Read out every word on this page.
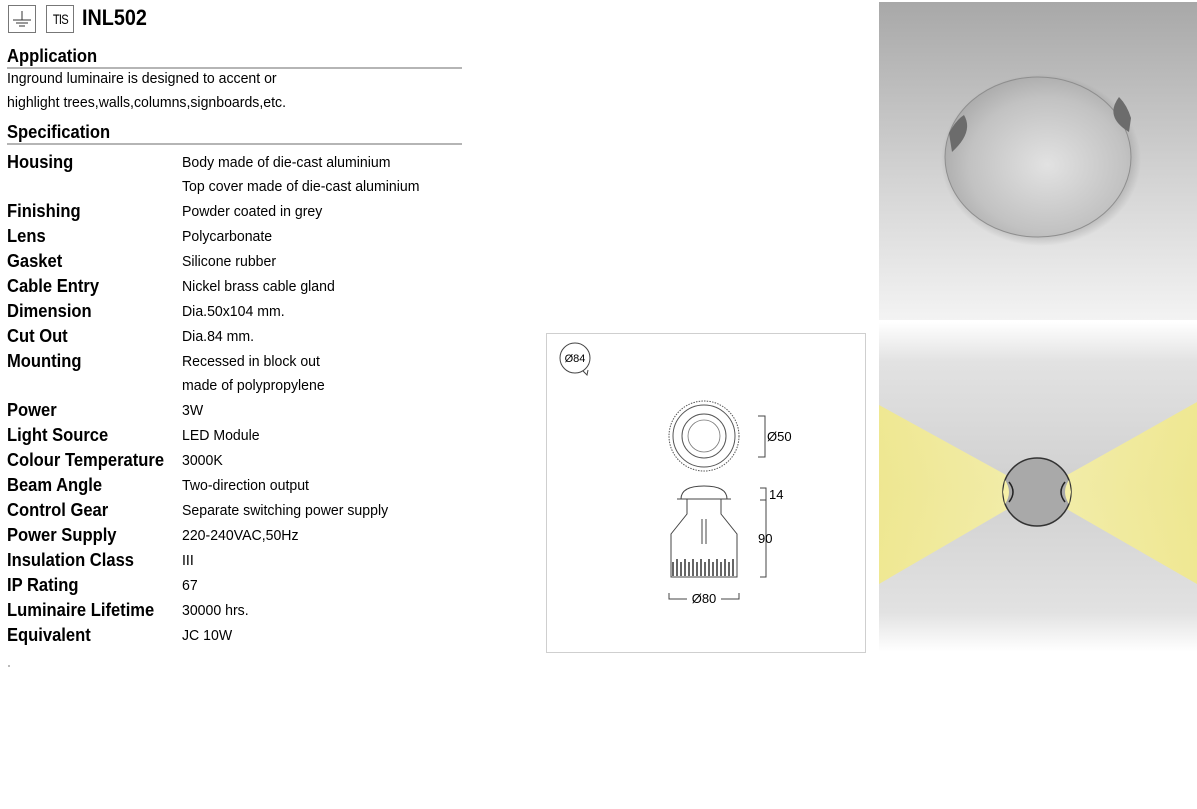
TIS INL502
Application
Inground luminaire is designed to accent or
highlight trees,walls,columns,signboards,etc.
Specification
Housing	Body made of die-cast aluminium
Top cover made of die-cast aluminium
Finishing	Powder coated in grey
Lens	Polycarbonate
Gasket	Silicone rubber
Cable Entry	Nickel brass cable gland
Dimension	Dia.50x104 mm.
Cut Out	Dia.84 mm.
Mounting	Recessed in block out
made of polypropylene
Power	3W
Light Source	LED Module
Colour Temperature	3000K
Beam Angle	Two-direction output
Control Gear	Separate switching power supply
Power Supply	220-240VAC,50Hz
Insulation Class	III
IP Rating	67
Luminaire Lifetime	30000 hrs.
Equivalent	JC 10W
Ø84
Ø50
14
90
Ø80
